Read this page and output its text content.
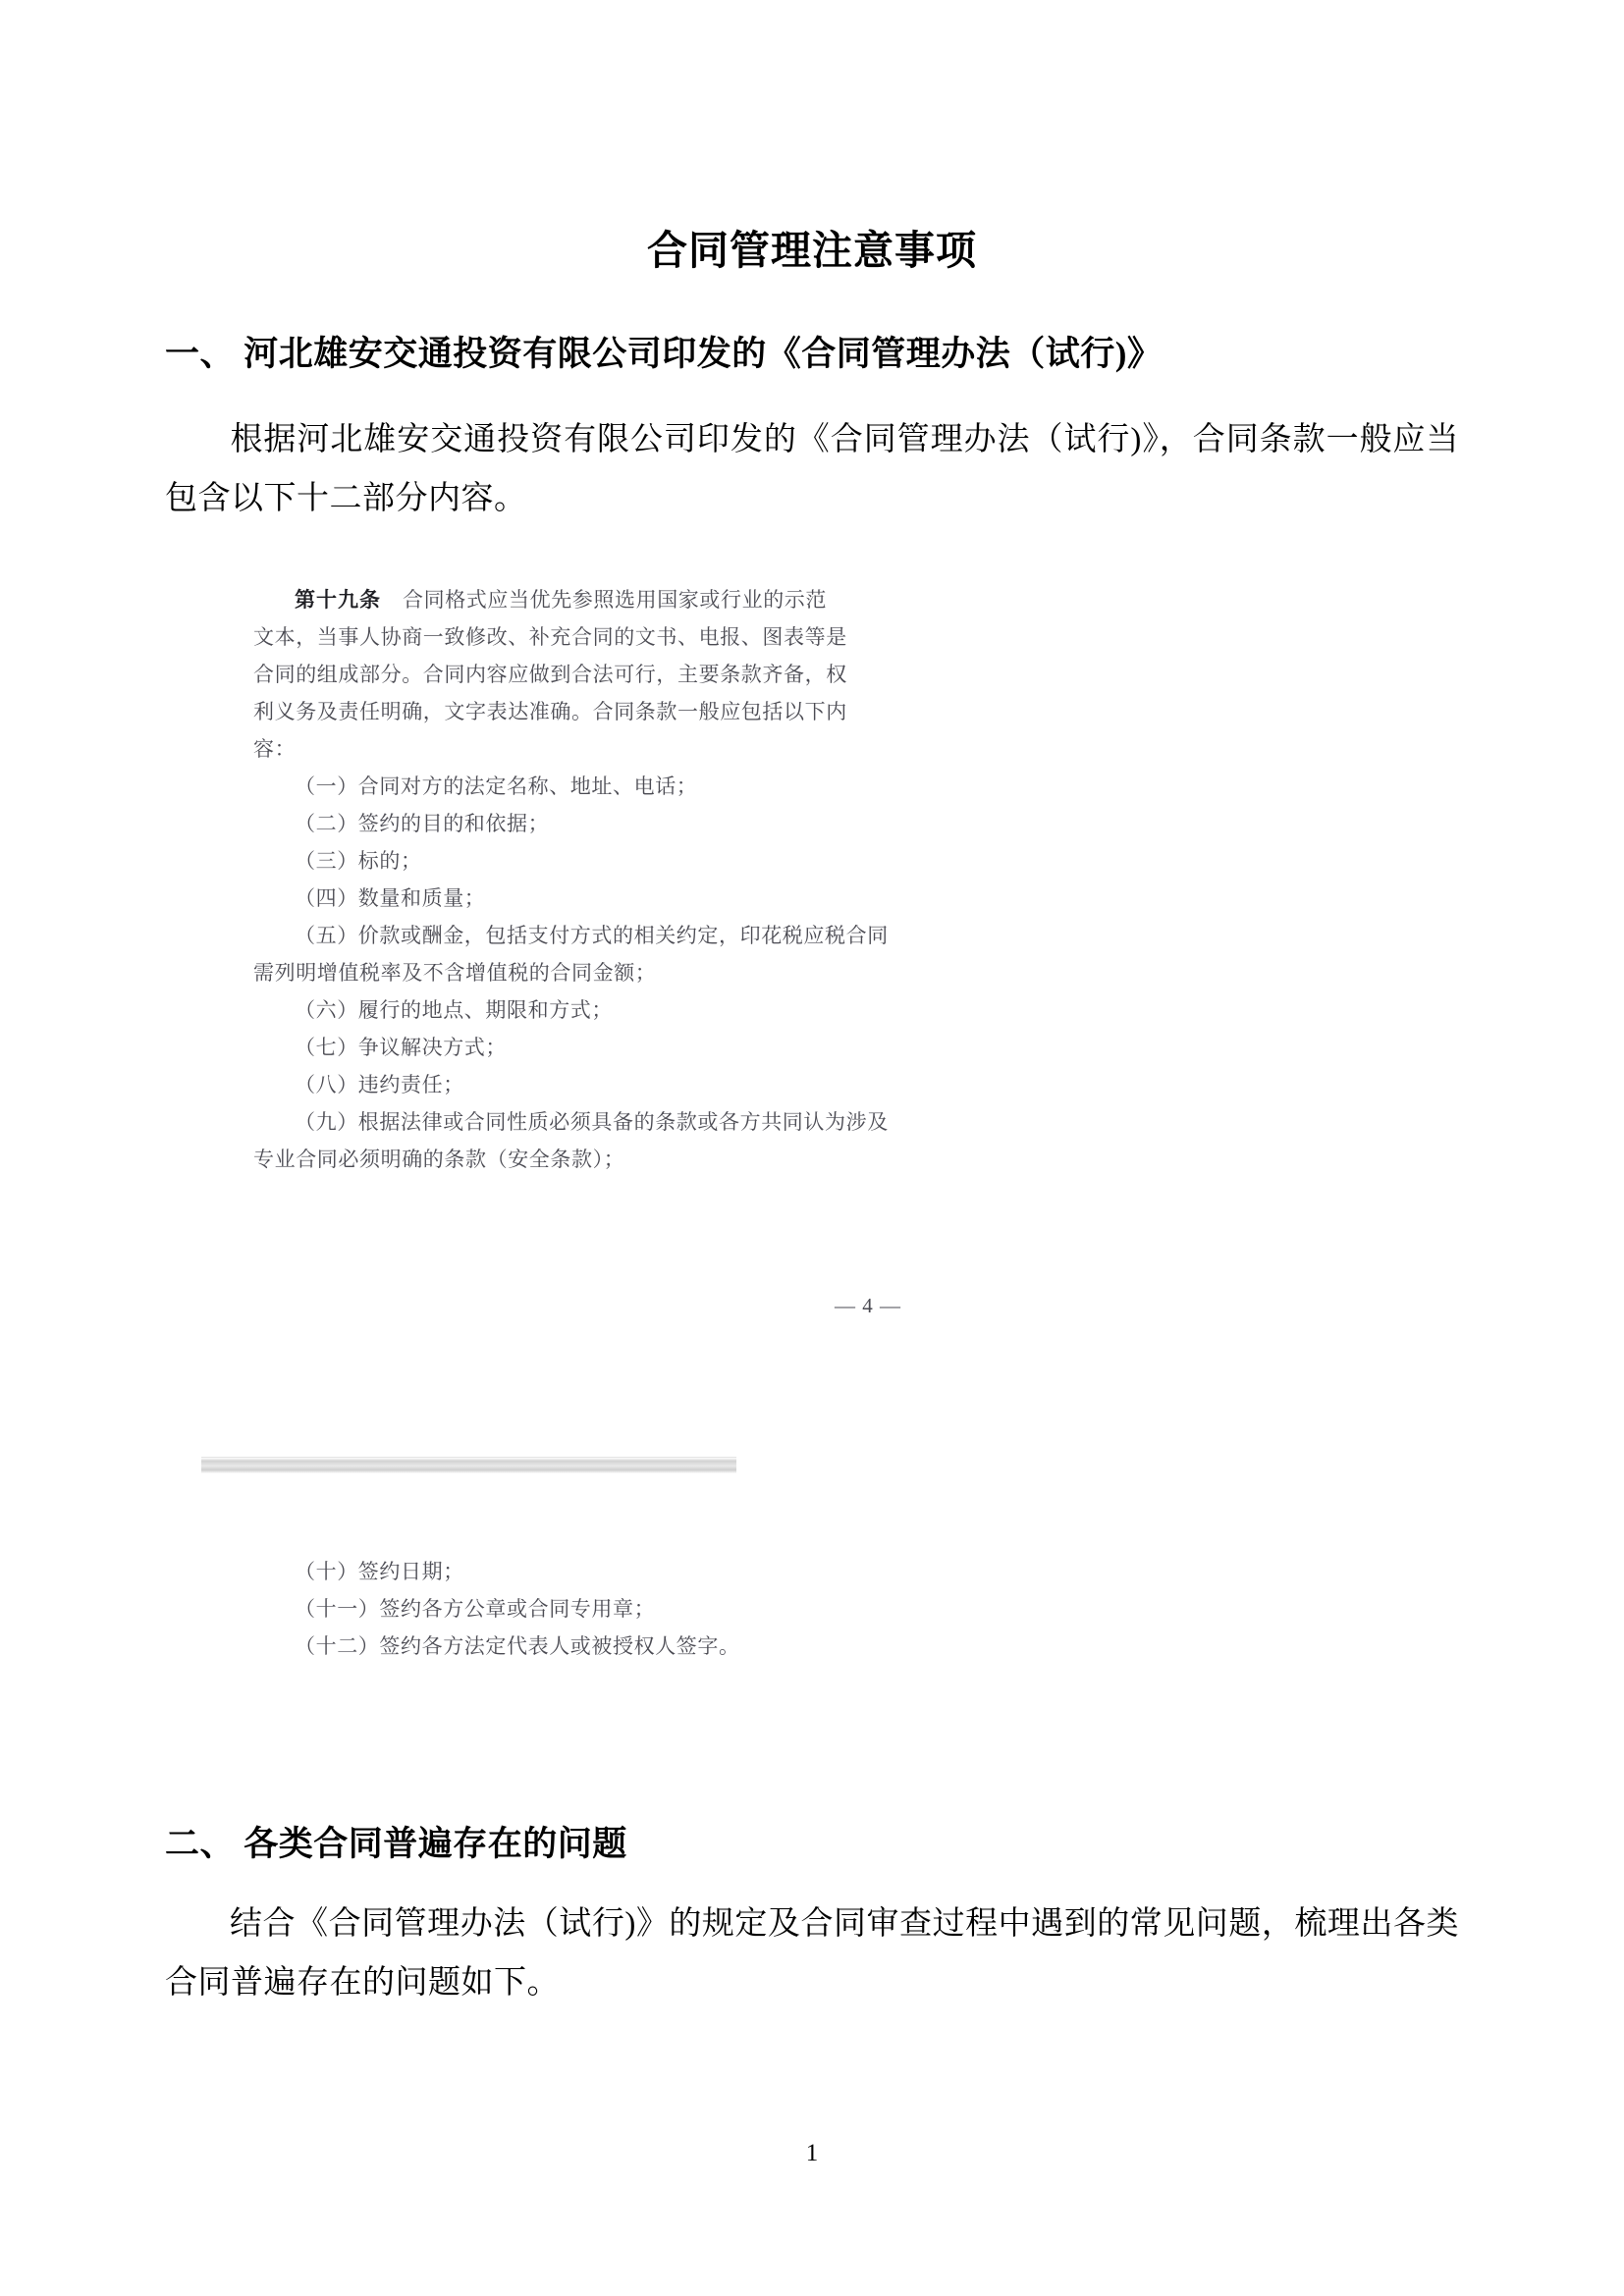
合同管理注意事项
一、 河北雄安交通投资有限公司印发的《合同管理办法（试行)》
根据河北雄安交通投资有限公司印发的《合同管理办法（试行)》，合同条款一般应当包含以下十二部分内容。
第十九条 合同格式应当优先参照选用国家或行业的示范
文本，当事人协商一致修改、补充合同的文书、电报、图表等是
合同的组成部分。合同内容应做到合法可行，主要条款齐备，权
利义务及责任明确，文字表达准确。合同条款一般应包括以下内
容：
（一）合同对方的法定名称、地址、电话；
（二）签约的目的和依据；
（三）标的；
（四）数量和质量；
（五）价款或酬金，包括支付方式的相关约定，印花税应税合同需列明增值税率及不含增值税的合同金额；
（六）履行的地点、期限和方式；
（七）争议解决方式；
（八）违约责任；
（九）根据法律或合同性质必须具备的条款或各方共同认为涉及专业合同必须明确的条款（安全条款）；
— 4 —
（十）签约日期；
（十一）签约各方公章或合同专用章；
（十二）签约各方法定代表人或被授权人签字。
二、 各类合同普遍存在的问题
结合《合同管理办法（试行)》的规定及合同审查过程中遇到的常见问题，梳理出各类合同普遍存在的问题如下。
1
